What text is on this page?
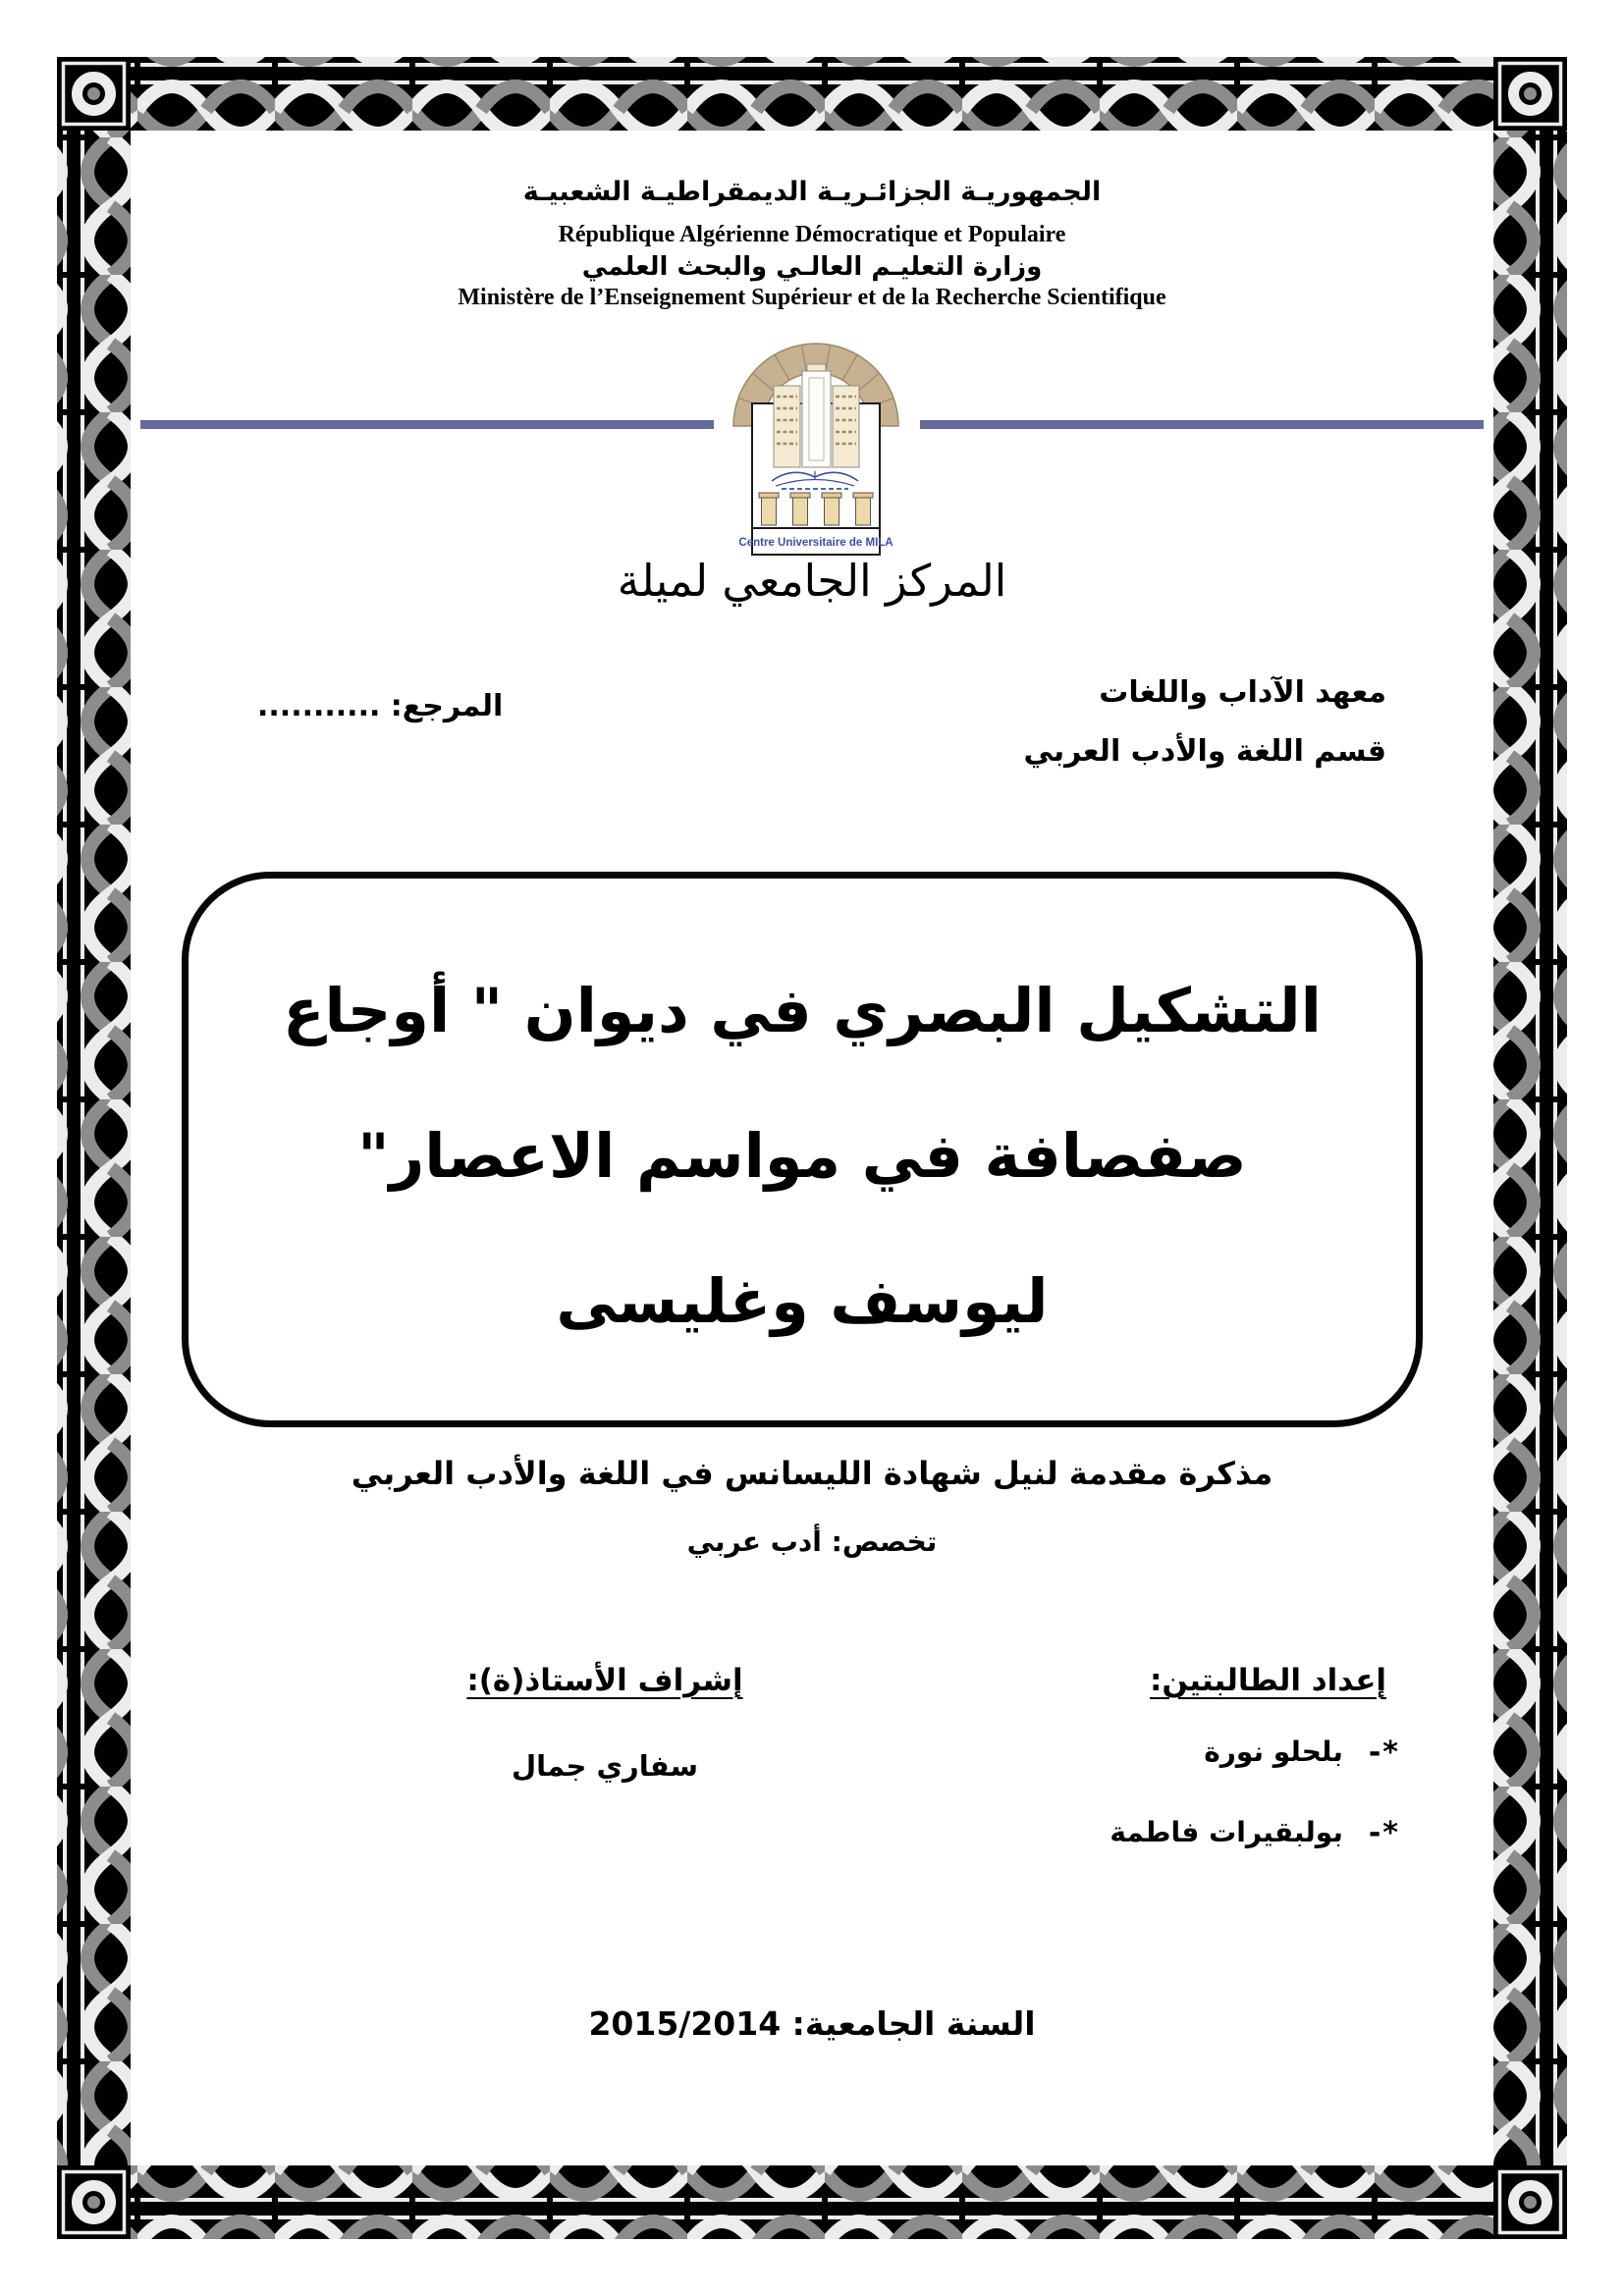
الجمهوريـة الجزائـريـة الديمقراطيـة الشعبيـة
République Algérienne Démocratique et Populaire
وزارة التعليـم العالـي والبحث العلمي
Ministère de l’Enseignement Supérieur et de la Recherche Scientifique
Centre Universitaire de MILA
المركز الجامعي لميلة
معهد الآداب واللغات
قسم اللغة والأدب العربي
المرجع: ...........
التشكيل البصري في ديوان " أوجاع
صفصافة في مواسم الاعصار"
ليوسف وغليسى
مذكرة مقدمة لنيل شهادة الليسانس في اللغة والأدب العربي
تخصص: أدب عربي
إعداد الطالبتين:
*-
بلحلو نورة
*-
بولبقيرات فاطمة
إشراف الأستاذ(ة):
سفاري جمال
السنة الجامعية: 2015/2014
